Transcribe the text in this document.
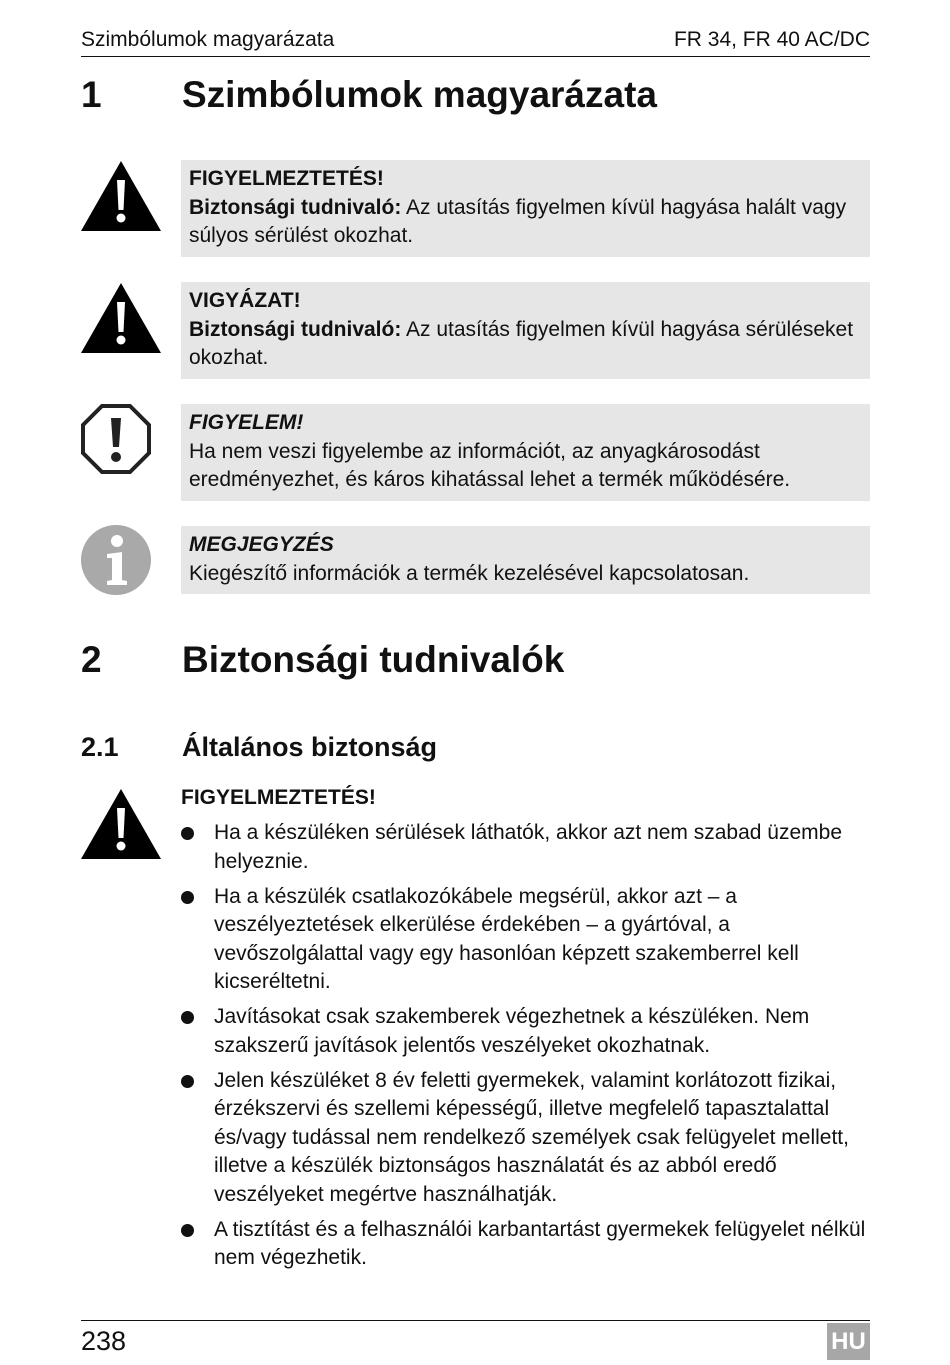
Szimbólumok magyarázata	FR 34, FR 40 AC/DC
1 Szimbólumok magyarázata

FIGYELMEZTETÉS!

Biztonsági tudnivaló: Az utasítás figyelmen kívül hagyása halált vagy súlyos sérülést okozhat.

VIGYÁZAT!

Biztonsági tudnivaló: Az utasítás figyelmen kívül hagyása sérüléseket okozhat.

FIGYELEM!

Ha nem veszi figyelembe az információt, az anyagkárosodást eredményezhet, és káros kihatással lehet a termék működésére.

MEGJEGYZÉS

Kiegészítő információk a termék kezelésével kapcsolatosan.

2 Biztonsági tudnivalók
2.1 Általános biztonság
FIGYELMEZTETÉS!
Ha a készüléken sérülések láthatók, akkor azt nem szabad üzembe helyeznie.
Ha a készülék csatlakozókábele megsérül, akkor azt – a veszélyeztetések elkerülése érdekében – a gyártóval, a vevőszolgálattal vagy egy hasonlóan képzett szakemberrel kell kicseréltetni.
Javításokat csak szakemberek végezhetnek a készüléken. Nem szakszerű javítások jelentős veszélyeket okozhatnak.
Jelen készüléket 8 év feletti gyermekek, valamint korlátozott fizikai, érzékszervi és szellemi képességű, illetve megfelelő tapasztalattal és/vagy tudással nem rendelkező személyek csak felügyelet mellett, illetve a készülék biztonságos használatát és az abból eredő veszélyeket megértve használhatják.
A tisztítást és a felhasználói karbantartást gyermekek felügyelet nélkül nem végezhetik.
238	HU
